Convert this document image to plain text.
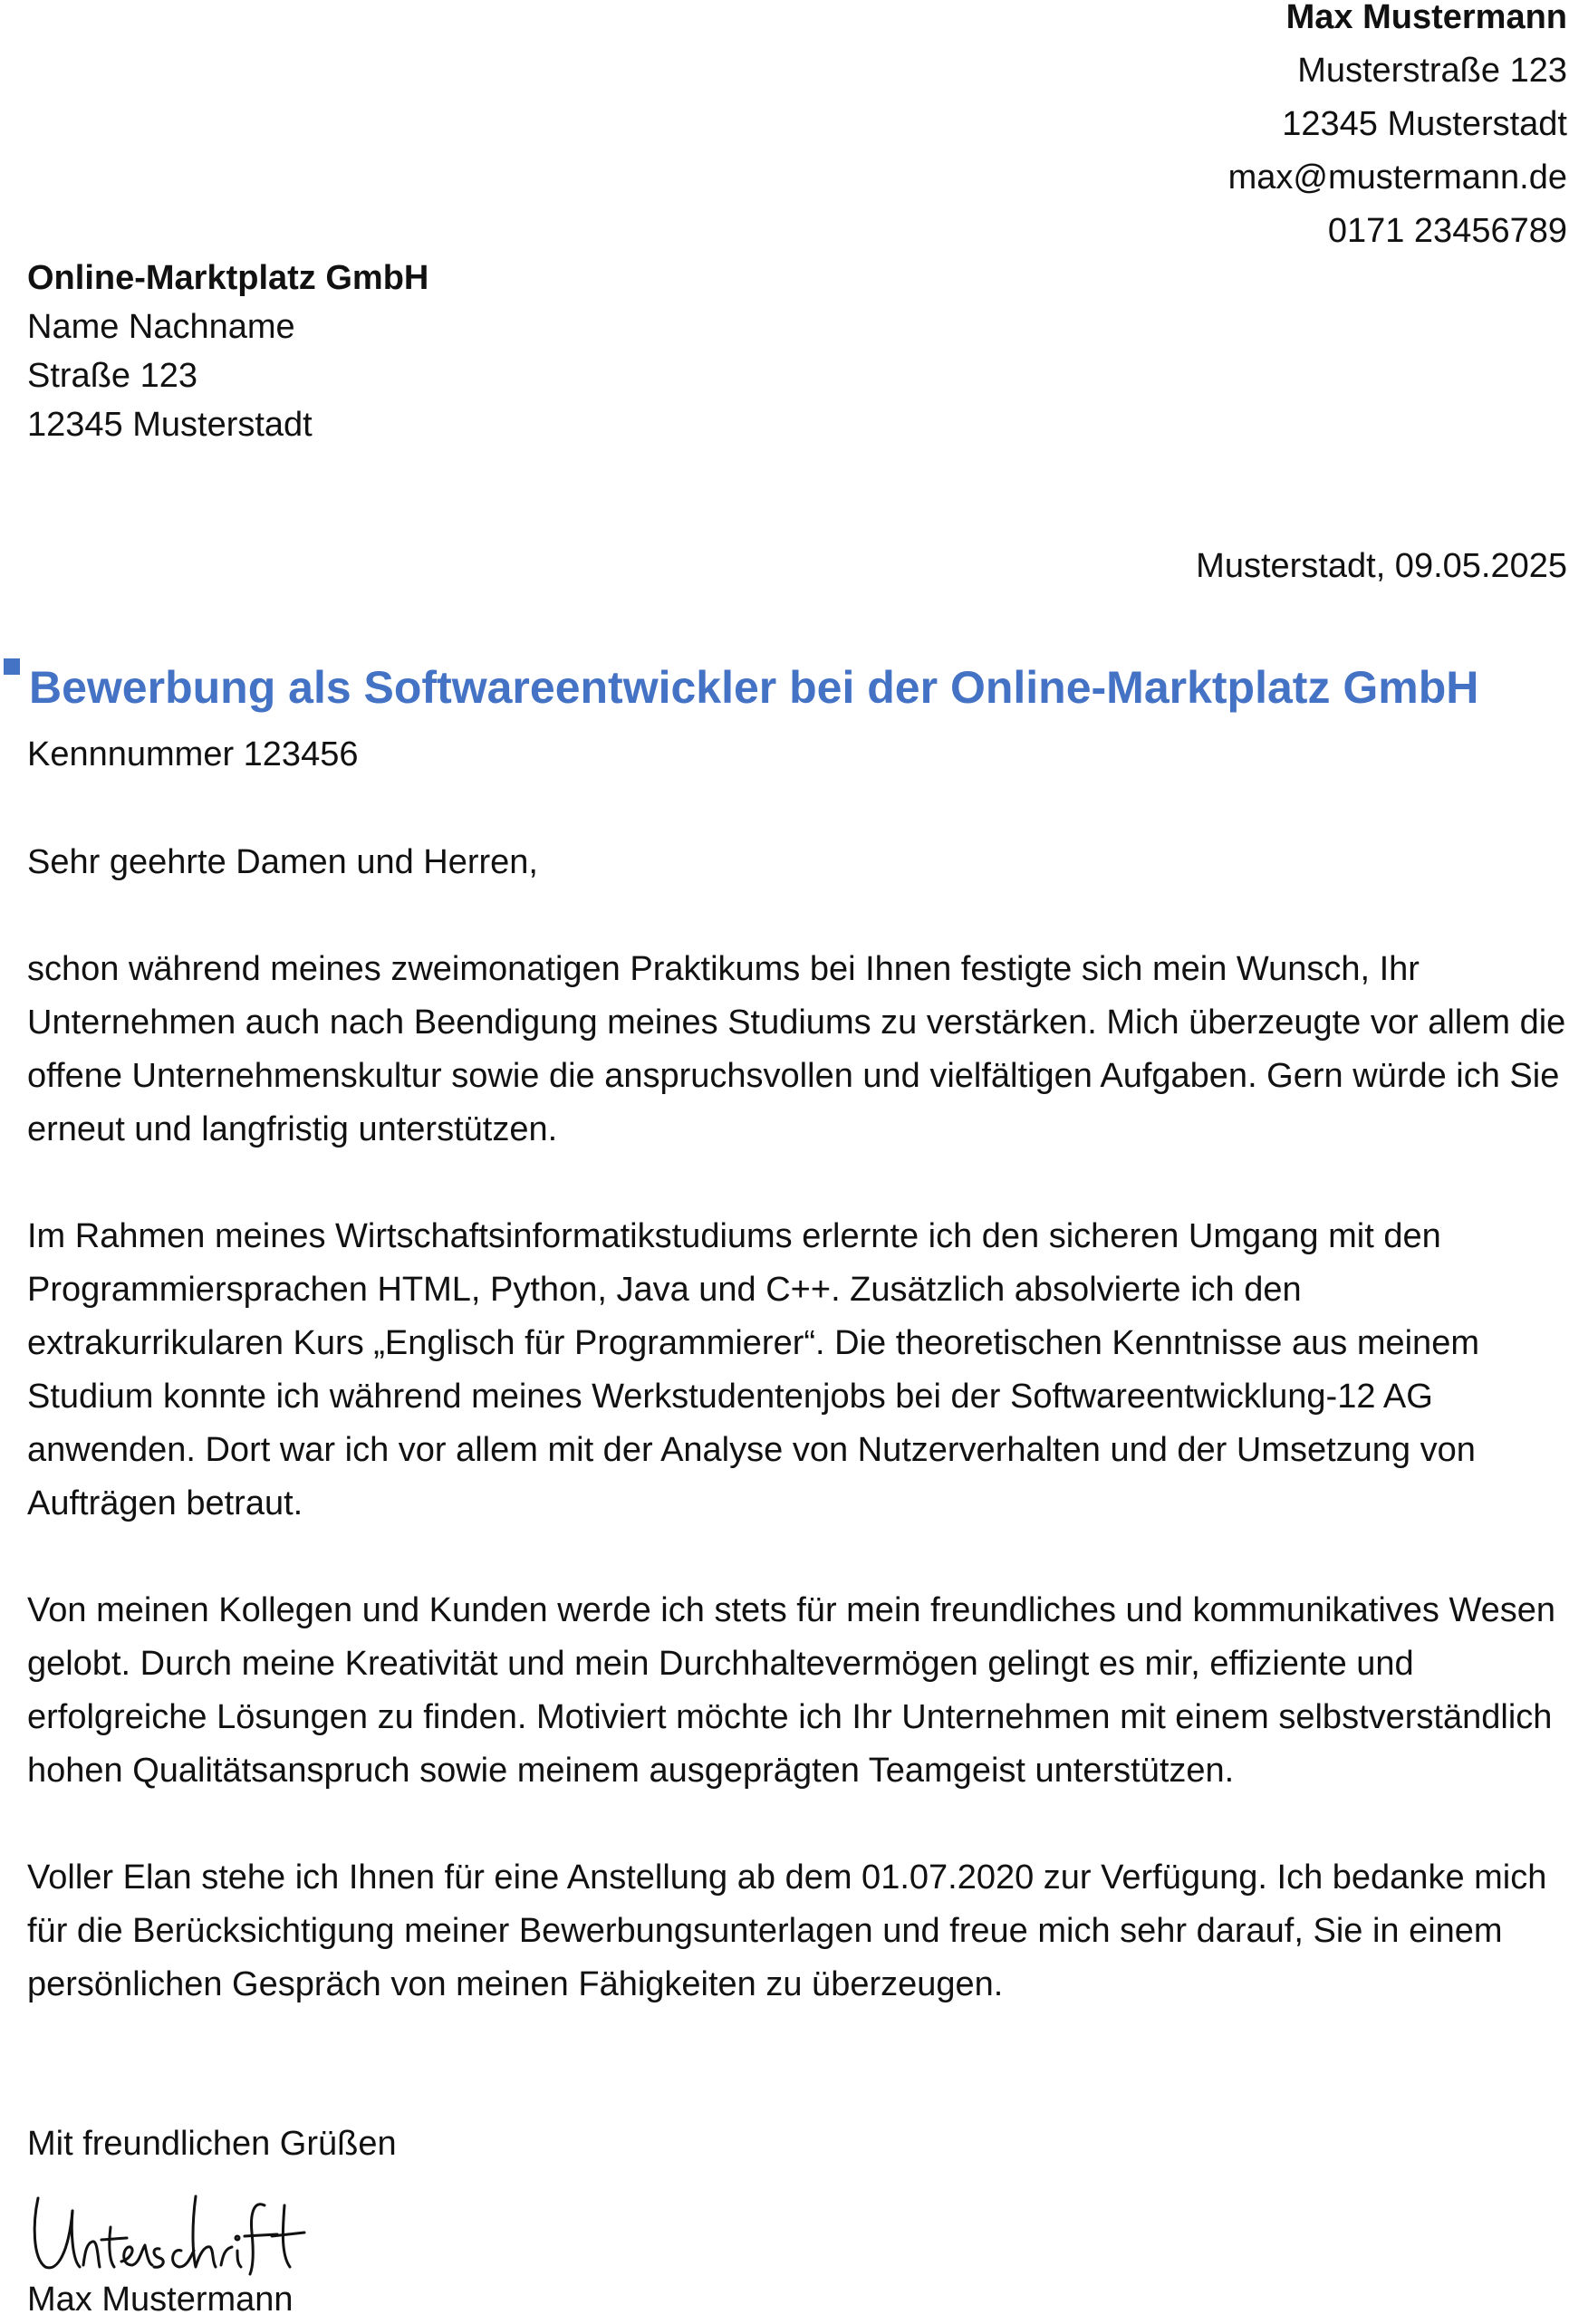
Max Mustermann
Musterstraße 123
12345 Musterstadt
max@mustermann.de
0171 23456789
Online-Marktplatz GmbH
Name Nachname
Straße 123
12345 Musterstadt
Musterstadt, 09.05.2025
Bewerbung als Softwareentwickler bei der Online-Marktplatz GmbH
Kennnummer 123456

Sehr geehrte Damen und Herren,

schon während meines zweimonatigen Praktikums bei Ihnen festigte sich mein Wunsch, Ihr Unternehmen auch nach Beendigung meines Studiums zu verstärken. Mich überzeugte vor allem die offene Unternehmenskultur sowie die anspruchsvollen und vielfältigen Aufgaben. Gern würde ich Sie erneut und langfristig unterstützen.

Im Rahmen meines Wirtschaftsinformatikstudiums erlernte ich den sicheren Umgang mit den Programmiersprachen HTML, Python, Java und C++. Zusätzlich absolvierte ich den extrakurrikularen Kurs „Englisch für Programmierer“. Die theoretischen Kenntnisse aus meinem Studium konnte ich während meines Werkstudentenjobs bei der Softwareentwicklung-12 AG anwenden. Dort war ich vor allem mit der Analyse von Nutzerverhalten und der Umsetzung von Aufträgen betraut.

Von meinen Kollegen und Kunden werde ich stets für mein freundliches und kommunikatives Wesen gelobt. Durch meine Kreativität und mein Durchhaltevermögen gelingt es mir, effiziente und erfolgreiche Lösungen zu finden. Motiviert möchte ich Ihr Unternehmen mit einem selbstverständlich hohen Qualitätsanspruch sowie meinem ausgeprägten Teamgeist unterstützen.

Voller Elan stehe ich Ihnen für eine Anstellung ab dem 01.07.2020 zur Verfügung. Ich bedanke mich für die Berücksichtigung meiner Bewerbungsunterlagen und freue mich sehr darauf, Sie in einem persönlichen Gespräch von meinen Fähigkeiten zu überzeugen.

Mit freundlichen Grüßen
Max Mustermann
